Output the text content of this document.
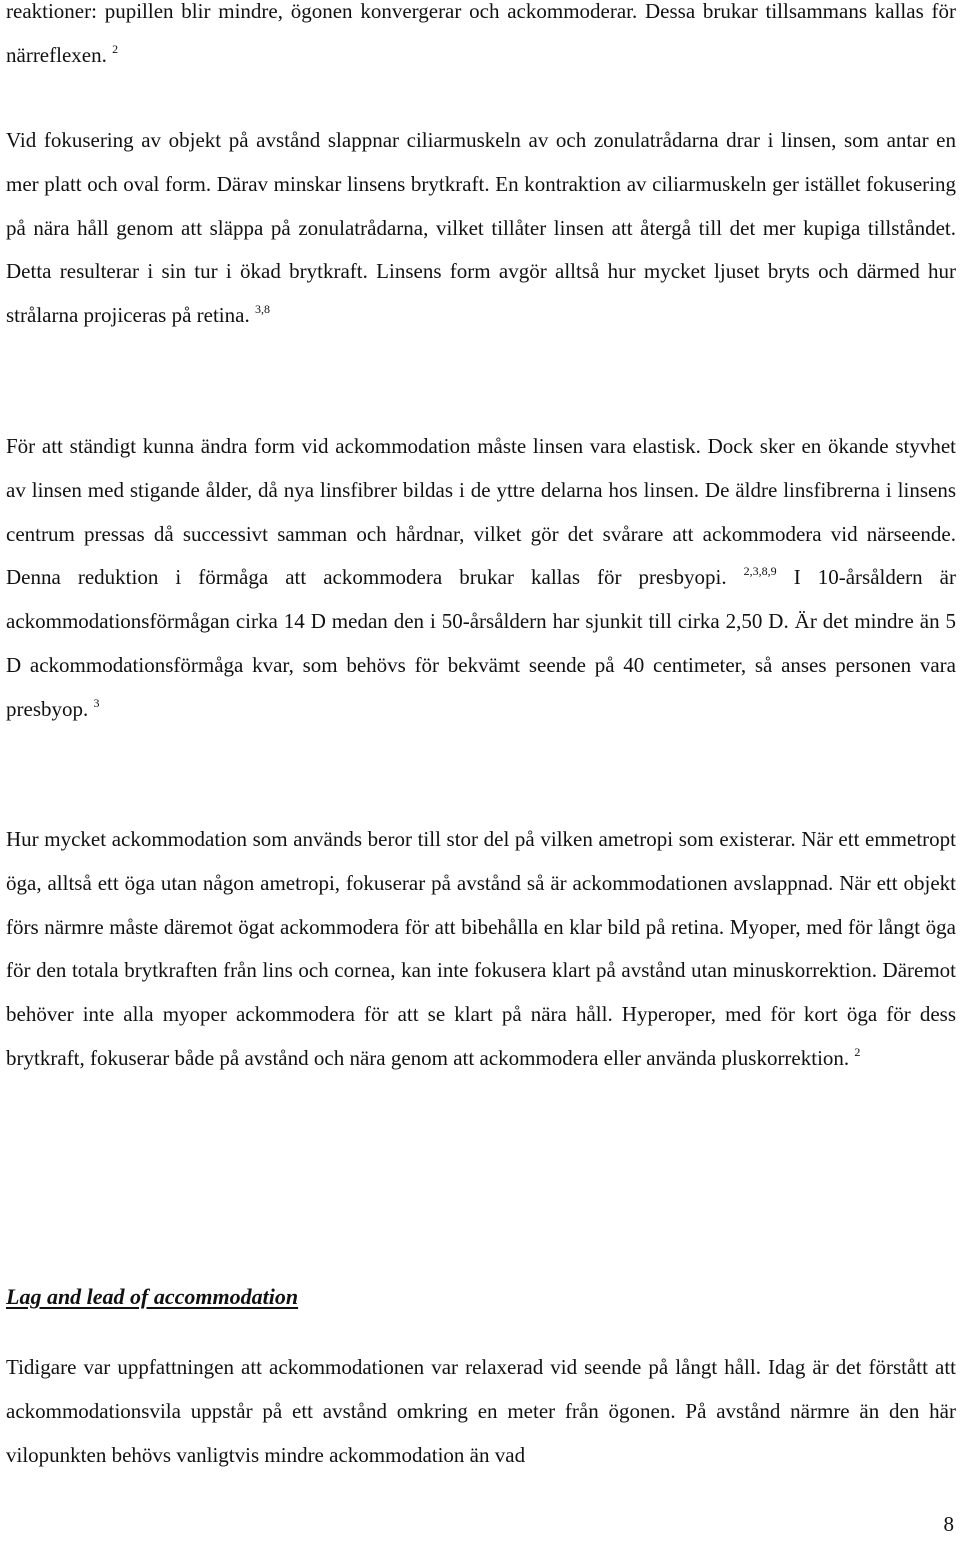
reaktioner: pupillen blir mindre, ögonen konvergerar och ackommoderar. Dessa brukar tillsammans kallas för närreflexen. $^2$

Vid fokusering av objekt på avstånd slappnar ciliarmuskeln av och zonulatrådarna drar i linsen, som antar en mer platt och oval form. Därav minskar linsens brytkraft. En kontraktion av ciliarmuskeln ger istället fokusering på nära håll genom att släppa på zonulatrådarna, vilket tillåter linsen att återgå till det mer kupiga tillståndet. Detta resulterar i sin tur i ökad brytkraft. Linsens form avgör alltså hur mycket ljuset bryts och därmed hur strålarna projiceras på retina. $^{3,8}$

För att ständigt kunna ändra form vid ackommodation måste linsen vara elastisk. Dock sker en ökande styvhet av linsen med stigande ålder, då nya linsfibrer bildas i de yttre delarna hos linsen. De äldre linsfibrerna i linsens centrum pressas då successivt samman och hårdnar, vilket gör det svårare att ackommodera vid närseende. Denna reduktion i förmåga att ackommodera brukar kallas för presbyopi. $^{2,3,8,9}$ I 10-årsåldern är ackommodationsförmågan cirka 14 D medan den i 50-årsåldern har sjunkit till cirka 2,50 D. Är det mindre än 5 D ackommodationsförmåga kvar, som behövs för bekvämt seende på 40 centimeter, så anses personen vara presbyop. $^3$

Hur mycket ackommodation som används beror till stor del på vilken ametropi som existerar. När ett emmetropt öga, alltså ett öga utan någon ametropi, fokuserar på avstånd så är ackommodationen avslappnad. När ett objekt förs närmre måste däremot ögat ackommodera för att bibehålla en klar bild på retina. Myoper, med för långt öga för den totala brytkraften från lins och cornea, kan inte fokusera klart på avstånd utan minuskorrektion. Däremot behöver inte alla myoper ackommodera för att se klart på nära håll. Hyperoper, med för kort öga för dess brytkraft, fokuserar både på avstånd och nära genom att ackommodera eller använda pluskorrektion. $^2$

Lag and lead of accommodation

Tidigare var uppfattningen att ackommodationen var relaxerad vid seende på långt håll. Idag är det förstått att ackommodationsvila uppstår på ett avstånd omkring en meter från ögonen. På avstånd närmre än den här vilopunkten behövs vanligtvis mindre ackommodation än vad

8
